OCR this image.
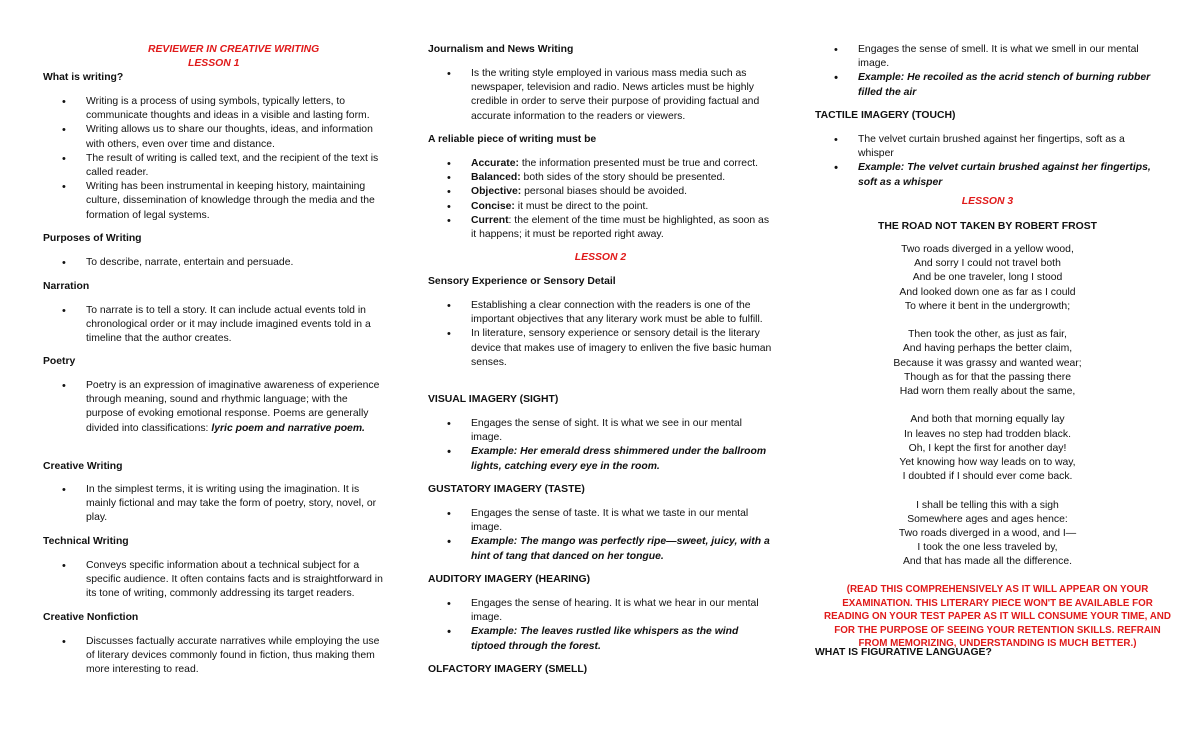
REVIEWER IN CREATIVE WRITING
LESSON 1
What is writing?
• Writing is a process of using symbols, typically letters, to communicate thoughts and ideas in a visible and lasting form.
• Writing allows us to share our thoughts, ideas, and information with others, even over time and distance.
• The result of writing is called text, and the recipient of the text is called reader.
• Writing has been instrumental in keeping history, maintaining culture, dissemination of knowledge through the media and the formation of legal systems.
Purposes of Writing
• To describe, narrate, entertain and persuade.
Narration
• To narrate is to tell a story. It can include actual events told in chronological order or it may include imagined events told in a timeline that the author creates.
Poetry
• Poetry is an expression of imaginative awareness of experience through meaning, sound and rhythmic language; with the purpose of evoking emotional response. Poems are generally divided into classifications: lyric poem and narrative poem.
Creative Writing
• In the simplest terms, it is writing using the imagination. It is mainly fictional and may take the form of poetry, story, novel, or play.
Technical Writing
• Conveys specific information about a technical subject for a specific audience. It often contains facts and is straightforward in its tone of writing, commonly addressing its target readers.
Creative Nonfiction
• Discusses factually accurate narratives while employing the use of literary devices commonly found in fiction, thus making them more interesting to read.
Journalism and News Writing
• Is the writing style employed in various mass media such as newspaper, television and radio. News articles must be highly credible in order to serve their purpose of providing factual and accurate information to the readers or viewers.
A reliable piece of writing must be
• Accurate: the information presented must be true and correct.
• Balanced: both sides of the story should be presented.
• Objective: personal biases should be avoided.
• Concise: it must be direct to the point.
• Current: the element of the time must be highlighted, as soon as it happens; it must be reported right away.
LESSON 2
Sensory Experience or Sensory Detail
• Establishing a clear connection with the readers is one of the important objectives that any literary work must be able to fulfill.
• In literature, sensory experience or sensory detail is the literary device that makes use of imagery to enliven the five basic human senses.
VISUAL IMAGERY (SIGHT)
• Engages the sense of sight. It is what we see in our mental image.
• Example: Her emerald dress shimmered under the ballroom lights, catching every eye in the room.
GUSTATORY IMAGERY (TASTE)
• Engages the sense of taste. It is what we taste in our mental image.
• Example: The mango was perfectly ripe—sweet, juicy, with a hint of tang that danced on her tongue.
AUDITORY IMAGERY (HEARING)
• Engages the sense of hearing. It is what we hear in our mental image.
• Example: The leaves rustled like whispers as the wind tiptoed through the forest.
OLFACTORY IMAGERY (SMELL)
• Engages the sense of smell. It is what we smell in our mental image.
• Example: He recoiled as the acrid stench of burning rubber filled the air
TACTILE IMAGERY (TOUCH)
• The velvet curtain brushed against her fingertips, soft as a whisper
• Example: The velvet curtain brushed against her fingertips, soft as a whisper
LESSON 3
THE ROAD NOT TAKEN BY ROBERT FROST
Two roads diverged in a yellow wood,
And sorry I could not travel both
And be one traveler, long I stood
And looked down one as far as I could
To where it bent in the undergrowth;
Then took the other, as just as fair,
And having perhaps the better claim,
Because it was grassy and wanted wear;
Though as for that the passing there
Had worn them really about the same,
And both that morning equally lay
In leaves no step had trodden black.
Oh, I kept the first for another day!
Yet knowing how way leads on to way,
I doubted if I should ever come back.
I shall be telling this with a sigh
Somewhere ages and ages hence:
Two roads diverged in a wood, and I—
I took the one less traveled by,
And that has made all the difference.
(READ THIS COMPREHENSIVELY AS IT WILL APPEAR ON YOUR EXAMINATION. THIS LITERARY PIECE WON'T BE AVAILABLE FOR READING ON YOUR TEST PAPER AS IT WILL CONSUME YOUR TIME, AND FOR THE PURPOSE OF SEEING YOUR RETENTION SKILLS. REFRAIN FROM MEMORIZING, UNDERSTANDING IS MUCH BETTER.)
WHAT IS FIGURATIVE LANGUAGE?
